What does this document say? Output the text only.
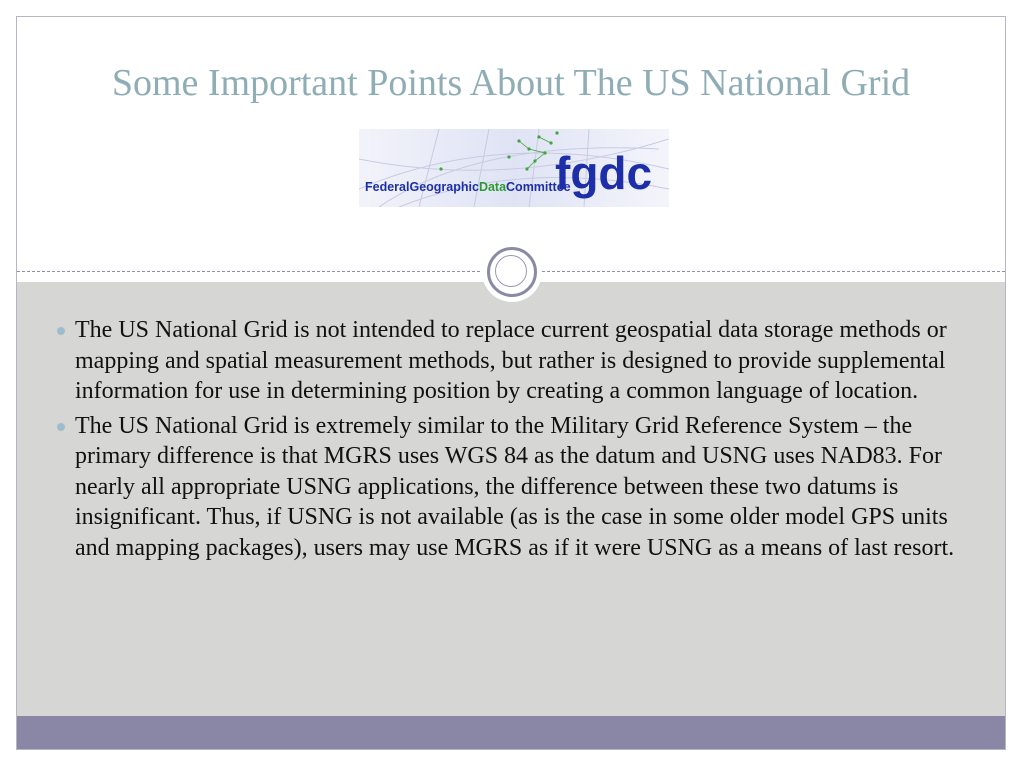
Some Important Points About The US National Grid
fgdc
FederalGeographicDataCommittee
The US National Grid is not intended to replace current geospatial data storage methods or mapping and spatial measurement methods, but rather is designed to provide supplemental information for use in determining position by creating a common language of location.
The US National Grid is extremely similar to the Military Grid Reference System – the primary difference is that MGRS uses WGS 84 as the datum and USNG uses NAD83. For nearly all appropriate USNG applications, the difference between these two datums is insignificant. Thus, if USNG is not available (as is the case in some older model GPS units and mapping packages), users may use MGRS as if it were USNG as a means of last resort.
